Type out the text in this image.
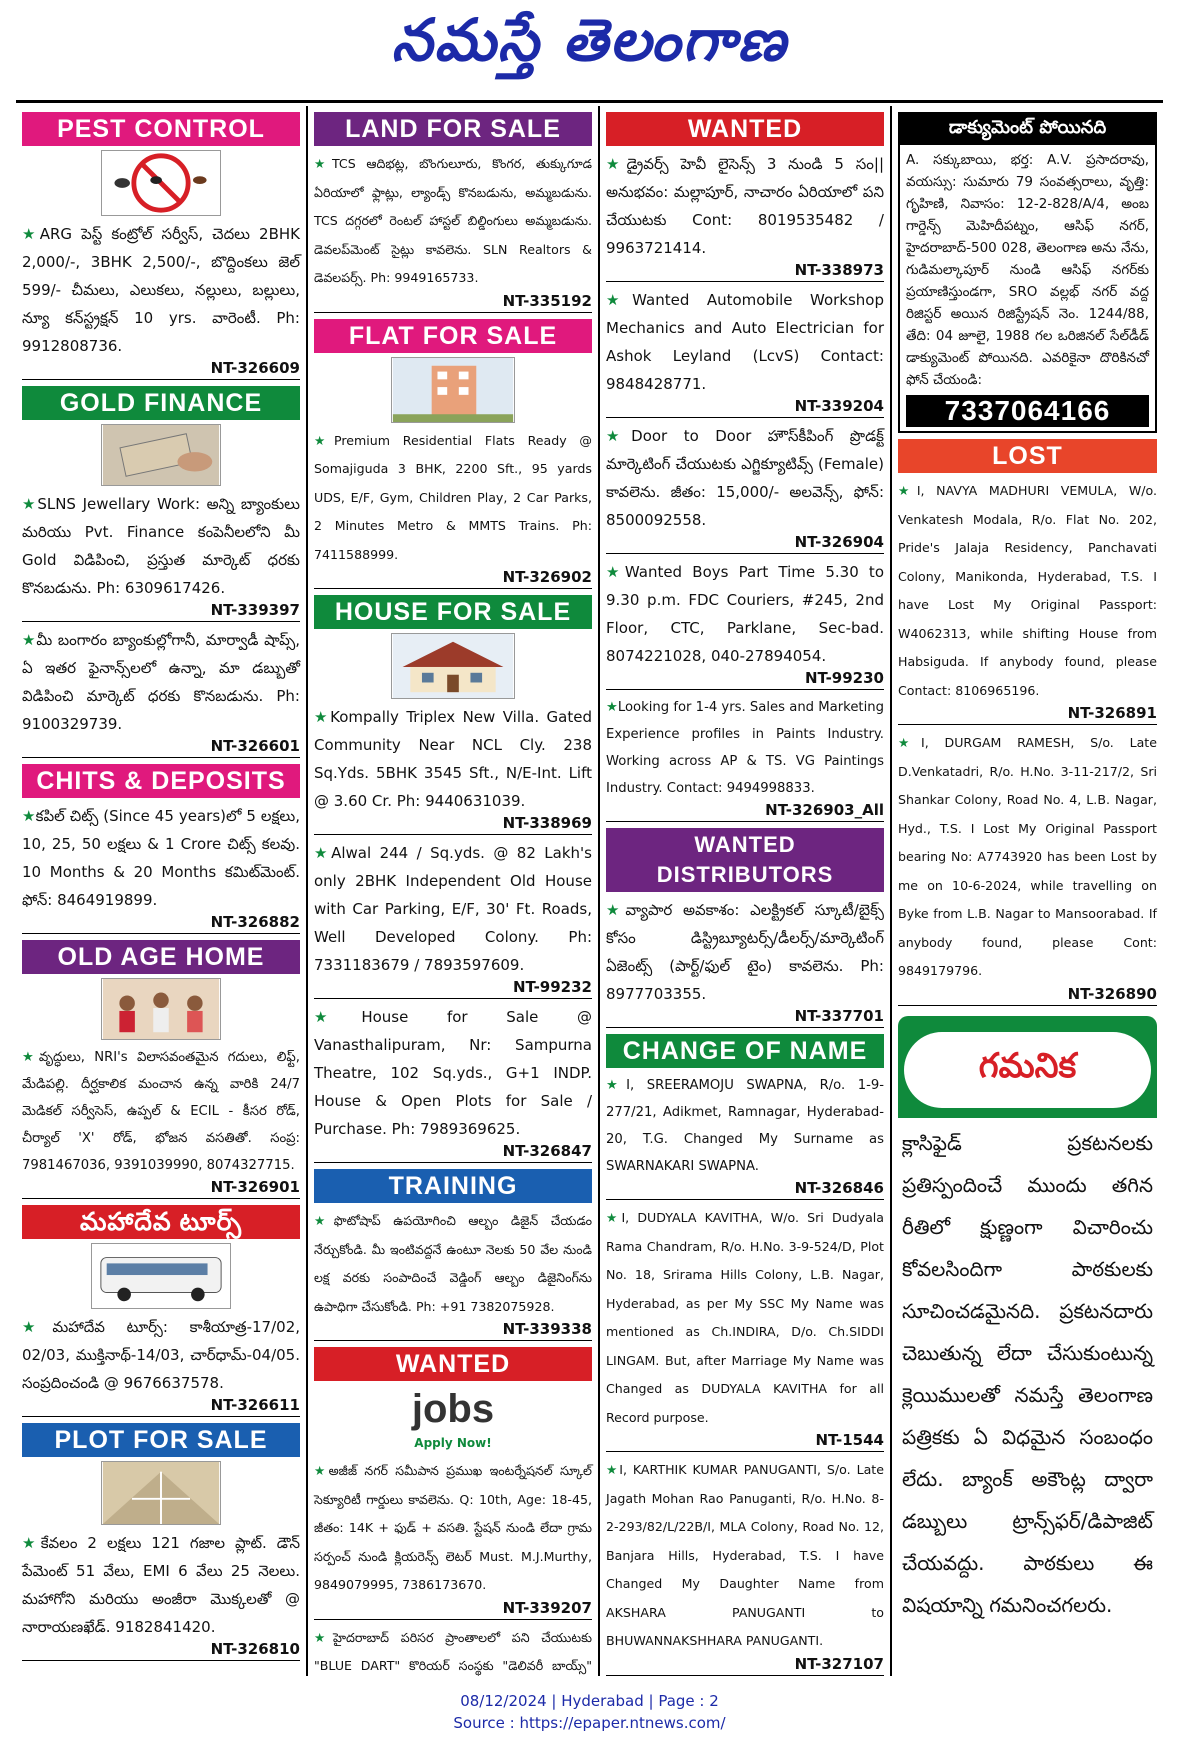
నమస్తే తెలంగాణ
PEST CONTROL
★ARG పెస్ట్ కంట్రోల్ సర్వీస్, చెదలు 2BHK 2,000/-, 3BHK 2,500/-, బొద్దింకలు జెల్ 599/- చీమలు, ఎలుకలు, నల్లులు, బల్లులు, న్యూ కన్‌స్ట్రక్షన్ 10 yrs. వారెంటీ. Ph: 9912808736.
NT-326609
GOLD FINANCE
★SLNS Jewellary Work: అన్ని బ్యాంకులు మరియు Pvt. Finance కంపెనీలలోని మీ Gold విడిపించి, ప్రస్తుత మార్కెట్ ధరకు కొనబడును. Ph: 6309617426.
NT-339397
★మీ బంగారం బ్యాంకుల్లోగానీ, మార్వాడీ షాప్స్, ఏ ఇతర ఫైనాన్స్‌లలో ఉన్నా, మా డబ్బుతో విడిపించి మార్కెట్ ధరకు కొనబడును. Ph: 9100329739.
NT-326601
CHITS & DEPOSITS
★కపిల్ చిట్స్ (Since 45 years)లో 5 లక్షలు, 10, 25, 50 లక్షలు & 1 Crore చిట్స్ కలవు. 10 Months & 20 Months కమిట్‌మెంట్. ఫోన్: 8464919899.
NT-326882
OLD AGE HOME
★వృద్ధులు, NRI's విలాసవంతమైన గదులు, లిఫ్ట్, మేడిపల్లి. దీర్ఘకాలిక మంచాన ఉన్న వారికి 24/7 మెడికల్ సర్వీసెస్, ఉప్పల్ & ECIL - కీసర రోడ్, చీర్యాల్ 'X' రోడ్, భోజన వసతితో. సంప్ర: 7981467036, 9391039990, 8074327715.
NT-326901
మహాదేవ టూర్స్
★మహాదేవ టూర్స్: కాశీయాత్ర-17/02, 02/03, ముక్తినాథ్-14/03, చార్‌ధామ్-04/05. సంప్రదించండి @ 9676637578.
NT-326611
PLOT FOR SALE
★కేవలం 2 లక్షలు 121 గజాల ప్లాట్. డౌన్ పేమెంట్ 51 వేలు, EMI 6 వేలు 25 నెలలు. మహాగోని మరియు అంజీరా మొక్కలతో @ నారాయణఖేడ్. 9182841420.
NT-326810
LAND FOR SALE
★TCS ఆదిభట్ల, బొంగులూరు, కొంగర, తుక్కుగూడ ఏరియాలో ఫ్లాట్లు, ల్యాండ్స్ కొనబడును, అమ్మబడును. TCS దగ్గరలో రెంటల్ హాస్టల్ బిల్డింగులు అమ్మబడును. డెవలప్‌మెంట్ సైట్లు కావలెను. SLN Realtors & డెవలపర్స్. Ph: 9949165733.
NT-335192
FLAT FOR SALE
★Premium Residential Flats Ready @ Somajiguda 3 BHK, 2200 Sft., 95 yards UDS, E/F, Gym, Children Play, 2 Car Parks, 2 Minutes Metro & MMTS Trains. Ph: 7411588999.
NT-326902
HOUSE FOR SALE
★Kompally Triplex New Villa. Gated Community Near NCL Cly. 238 Sq.Yds. 5BHK 3545 Sft., N/E-Int. Lift @ 3.60 Cr. Ph: 9440631039.
NT-338969
★Alwal 244 / Sq.yds. @ 82 Lakh's only 2BHK Independent Old House with Car Parking, E/F, 30' Ft. Roads, Well Developed Colony. Ph: 7331183679 / 7893597609.
NT-99232
★House for Sale @ Vanasthalipuram, Nr: Sampurna Theatre, 102 Sq.yds., G+1 INDP. House & Open Plots for Sale / Purchase. Ph: 7989369625.
NT-326847
TRAINING
★ఫొటోషాప్ ఉపయోగించి ఆల్బం డిజైన్ చేయడం నేర్చుకోండి. మీ ఇంటివద్దనే ఉంటూ నెలకు 50 వేల నుండి లక్ష వరకు సంపాదించే వెడ్డింగ్ ఆల్బం డిజైనింగ్‌ను ఉపాధిగా చేసుకోండి. Ph: +91 7382075928.
NT-339338
WANTED
jobs
Apply Now!
★అజీజ్ నగర్ సమీపాన ప్రముఖ ఇంటర్నేషనల్ స్కూల్ సెక్యూరిటీ గార్డులు కావలెను. Q: 10th, Age: 18-45, జీతం: 14K + ఫుడ్ + వసతి. స్టేషన్ నుండి లేదా గ్రామ సర్పంచ్ నుండి క్లియరెన్స్ లెటర్ Must. M.J.Murthy, 9849079995, 7386173670.
NT-339207
★హైదరాబాద్ పరిసర ప్రాంతాలలో పని చేయుటకు "BLUE DART" కొరియర్ సంస్థకు "డెలివరీ బాయ్స్"
WANTED
★డ్రైవర్స్ హెవీ లైసెన్స్ 3 నుండి 5 సం|| అనుభవం: మల్లాపూర్, నాచారం ఏరియాలో పని చేయుటకు Cont: 8019535482 / 9963721414.
NT-338973
★Wanted Automobile Workshop Mechanics and Auto Electrician for Ashok Leyland (LcvS) Contact: 9848428771.
NT-339204
★Door to Door హౌస్‌కీపింగ్ ప్రొడక్ట్ మార్కెటింగ్ చేయుటకు ఎగ్జిక్యూటివ్స్ (Female) కావలెను. జీతం: 15,000/- అలవెన్స్, ఫోన్: 8500092558.
NT-326904
★Wanted Boys Part Time 5.30 to 9.30 p.m. FDC Couriers, #245, 2nd Floor, CTC, Parklane, Sec-bad. 8074221028, 040-27894054.
NT-99230
★Looking for 1-4 yrs. Sales and Marketing Experience profiles in Paints Industry. Working across AP & TS. VG Paintings Industry. Contact: 9494998833.
NT-326903_All
WANTED DISTRIBUTORS
★వ్యాపార అవకాశం: ఎలక్ట్రికల్ స్కూటీ/బైక్స్ కోసం డిస్ట్రిబ్యూటర్స్/డీలర్స్/మార్కెటింగ్ ఏజెంట్స్ (పార్ట్/ఫుల్ టైం) కావలెను. Ph: 8977703355.
NT-337701
CHANGE OF NAME
★I, SREERAMOJU SWAPNA, R/o. 1-9-277/21, Adikmet, Ramnagar, Hyderabad-20, T.G. Changed My Surname as SWARNAKARI SWAPNA.
NT-326846
★I, DUDYALA KAVITHA, W/o. Sri Dudyala Rama Chandram, R/o. H.No. 3-9-524/D, Plot No. 18, Srirama Hills Colony, L.B. Nagar, Hyderabad, as per My SSC My Name was mentioned as Ch.INDIRA, D/o. Ch.SIDDI LINGAM. But, after Marriage My Name was Changed as DUDYALA KAVITHA for all Record purpose.
NT-1544
★I, KARTHIK KUMAR PANUGANTI, S/o. Late Jagath Mohan Rao Panuganti, R/o. H.No. 8-2-293/82/L/22B/I, MLA Colony, Road No. 12, Banjara Hills, Hyderabad, T.S. I have Changed My Daughter Name from AKSHARA PANUGANTI to BHUWANNAKSHHARA PANUGANTI.
NT-327107
డాక్యుమెంట్ పోయినది
A. సక్కుబాయి, భర్త: A.V. ప్రసాదరావు, వయస్సు: సుమారు 79 సంవత్సరాలు, వృత్తి: గృహిణి, నివాసం: 12-2-828/A/4, అంబ గార్డెన్స్ మెహిదీపట్నం, ఆసిఫ్ నగర్, హైదరాబాద్-500 028, తెలంగాణ అను నేను, గుడిమల్కాపూర్ నుండి ఆసిఫ్ నగర్‌కు ప్రయాణిస్తుండగా, SRO వల్లభ్ నగర్ వద్ద రిజిస్టర్ అయిన రిజిస్ట్రేషన్ నెం. 1244/88, తేది: 04 జూలై, 1988 గల ఒరిజినల్ సేల్‌డీడ్ డాక్యుమెంట్ పోయినది. ఎవరికైనా దొరికినచో ఫోన్ చేయండి:
7337064166
LOST
★I, NAVYA MADHURI VEMULA, W/o. Venkatesh Modala, R/o. Flat No. 202, Pride's Jalaja Residency, Panchavati Colony, Manikonda, Hyderabad, T.S. I have Lost My Original Passport: W4062313, while shifting House from Habsiguda. If anybody found, please Contact: 8106965196.
NT-326891
★I, DURGAM RAMESH, S/o. Late D.Venkatadri, R/o. H.No. 3-11-217/2, Sri Shankar Colony, Road No. 4, L.B. Nagar, Hyd., T.S. I Lost My Original Passport bearing No: A7743920 has been Lost by me on 10-6-2024, while travelling on Byke from L.B. Nagar to Mansoorabad. If anybody found, please Cont: 9849179796.
NT-326890
గమనిక
క్లాసిఫైడ్ ప్రకటనలకు ప్రతిస్పందించే ముందు తగిన రీతిలో క్షుణ్ణంగా విచారించు కోవలసిందిగా పాఠకులకు సూచించడమైనది. ప్రకటనదారు చెబుతున్న లేదా చేసుకుంటున్న క్లెయిములతో నమస్తే తెలంగాణ పత్రికకు ఏ విధమైన సంబంధం లేదు. బ్యాంక్ అకౌంట్ల ద్వారా డబ్బులు ట్రాన్స్‌ఫర్/డిపాజిట్ చేయవద్దు. పాఠకులు ఈ విషయాన్ని గమనించగలరు.
08/12/2024 | Hyderabad | Page : 2
Source : https://epaper.ntnews.com/
